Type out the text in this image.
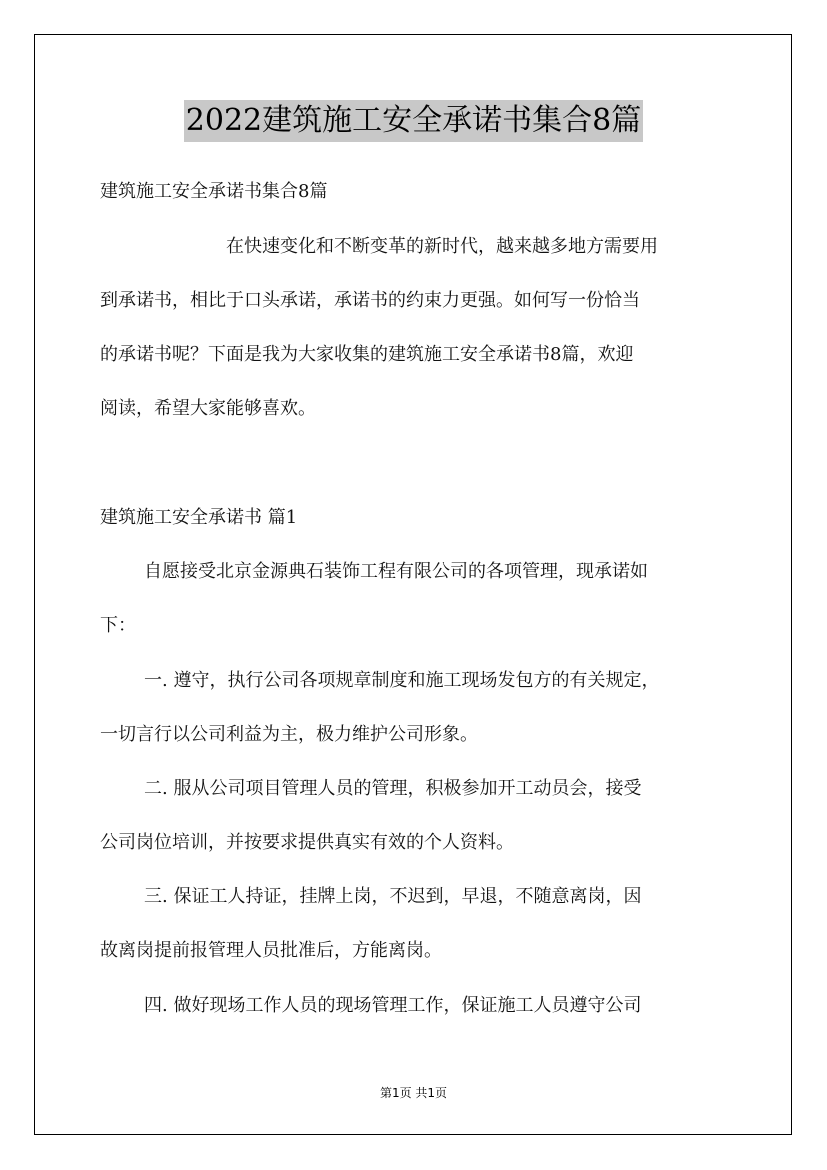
2022建筑施工安全承诺书集合8篇

建筑施工安全承诺书集合8篇

在快速变化和不断变革的新时代，越来越多地方需要用

到承诺书，相比于口头承诺，承诺书的约束力更强。如何写一份恰当

的承诺书呢？下面是我为大家收集的建筑施工安全承诺书8篇，欢迎

阅读，希望大家能够喜欢。

建筑施工安全承诺书 篇1

自愿接受北京金源典石装饰工程有限公司的各项管理，现承诺如

下：

一. 遵守，执行公司各项规章制度和施工现场发包方的有关规定，

一切言行以公司利益为主，极力维护公司形象。

二. 服从公司项目管理人员的管理，积极参加开工动员会，接受

公司岗位培训，并按要求提供真实有效的个人资料。

三. 保证工人持证，挂牌上岗，不迟到，早退，不随意离岗，因

故离岗提前报管理人员批准后，方能离岗。

四. 做好现场工作人员的现场管理工作，保证施工人员遵守公司

第1页 共1页
